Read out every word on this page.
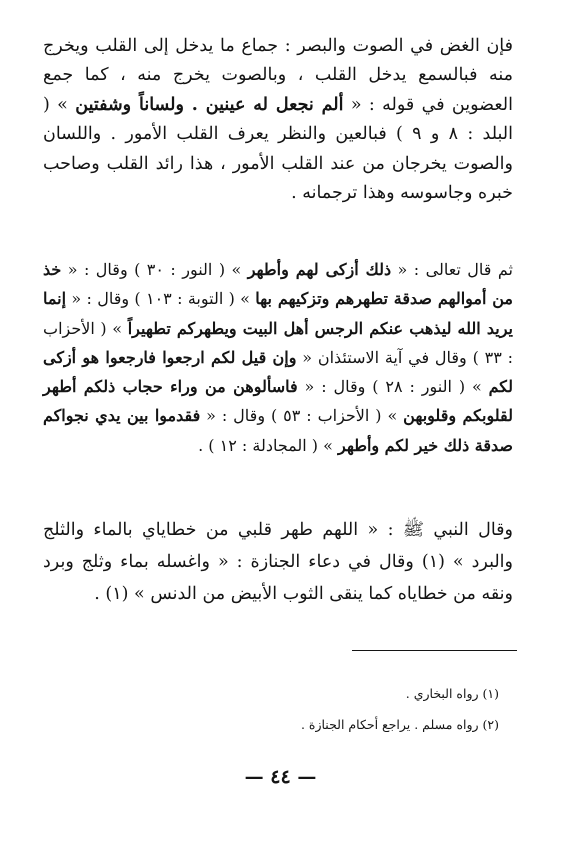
فإن الغض في الصوت والبصر : جماع ما يدخل إلى القلب ويخرج منه فبالسمع يدخل القلب ، وبالصوت يخرج منه ، كما جمع العضوين في قوله : « ألم نجعل له عينين . ولساناً وشفتين » ( البلد : ٨ و ٩ ) فبالعين والنظر يعرف القلب الأمور . واللسان والصوت يخرجان من عند القلب الأمور ، هذا رائد القلب وصاحب خبره وجاسوسه وهذا ترجمانه .

ثم قال تعالى : « ذلك أزكى لهم وأطهر » ( النور : ٣٠ ) وقال : « خذ من أموالهم صدقة تطهرهم وتزكيهم بها » ( التوبة : ١٠٣ ) وقال : « إنما يريد الله ليذهب عنكم الرجس أهل البيت ويطهركم تطهيراً » ( الأحزاب : ٣٣ ) وقال في آية الاستئذان « وإن قيل لكم ارجعوا فارجعوا هو أزكى لكم » ( النور : ٢٨ ) وقال : « فاسألوهن من وراء حجاب ذلكم أطهر لقلوبكم وقلوبهن » ( الأحزاب : ٥٣ ) وقال : « فقدموا بين يدي نجواكم صدقة ذلك خير لكم وأطهر » ( المجادلة : ١٢ ) .

وقال النبي ﷺ : « اللهم طهر قلبي من خطاياي بالماء والثلج والبرد » (١) وقال في دعاء الجنازة : « واغسله بماء وثلج وبرد ونقه من خطاياه كما ينقى الثوب الأبيض من الدنس » (١) .

(١) رواه البخاري .

(٢) رواه مسلم . يراجع أحكام الجنازة .

— ٤٤ —
